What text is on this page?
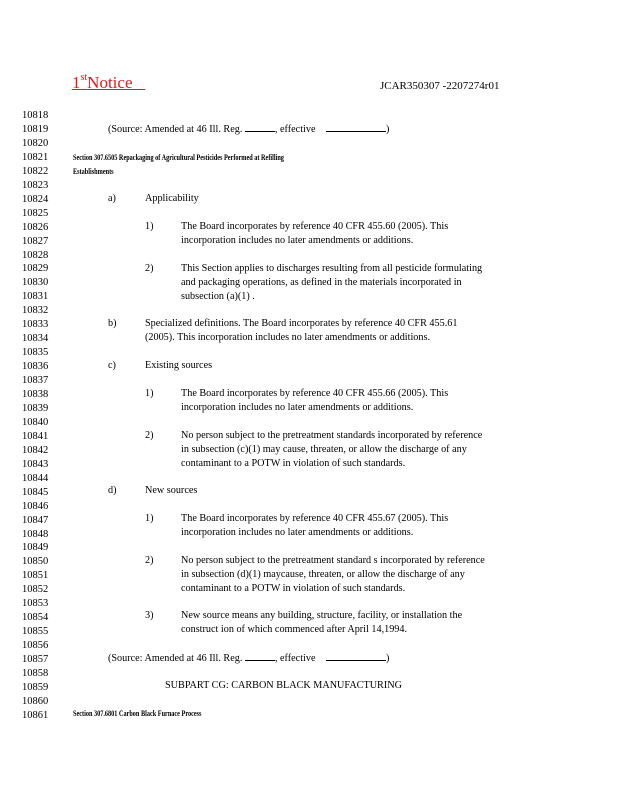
1stNotice	JCAR350307 -2207274r01
10818
10819
10820
10821
10822
10823
10824
10825
10826
10827
10828
10829
10830
10831
10832
10833
10834
10835
10836
10837
10838
10839
10840
10841
10842
10843
10844
10845
10846
10847
10848
10849
10850
10851
10852
10853
10854
10855
10856
10857
10858
10859
10860
10861
(Source: Amended at 46 Ill. Reg.	, effective	)
Section 307.6505 Repackaging of Agricultural Pesticides Performed at Refilling
Establishments
a)	Applicability
1)	The Board incorporates by reference 40 CFR 455.60 (2005). This
incorporation includes no later amendments or additions.
2)	This Section applies to discharges resulting from all pesticide formulating
and packaging operations, as defined in the materials incorporated in
subsection (a)(1) .
b)	Specialized definitions. The Board incorporates by reference 40 CFR 455.61
(2005). This incorporation includes no later amendments or additions.
c)	Existing sources
1)	The Board incorporates by reference 40 CFR 455.66 (2005). This
incorporation includes no later amendments or additions.
2)	No person subject to the pretreatment standards incorporated by reference
in subsection (c)(1) may cause, threaten, or allow the discharge of any
contaminant to a POTW in violation of such standards.
d)	New sources
1)	The Board incorporates by reference 40 CFR 455.67 (2005). This
incorporation includes no later amendments or additions.
2)	No person subject to the pretreatment standard s incorporated by reference
in subsection (d)(1) maycause, threaten, or allow the discharge of any
contaminant to a POTW in violation of such standards.
3)	New source means any building, structure, facility, or installation the
construct ion of which commenced after April 14,1994.
(Source: Amended at 46 Ill. Reg.	, effective	)
SUBPART CG: CARBON BLACK MANUFACTURING
Section 307.6801 Carbon Black Furnace Process
